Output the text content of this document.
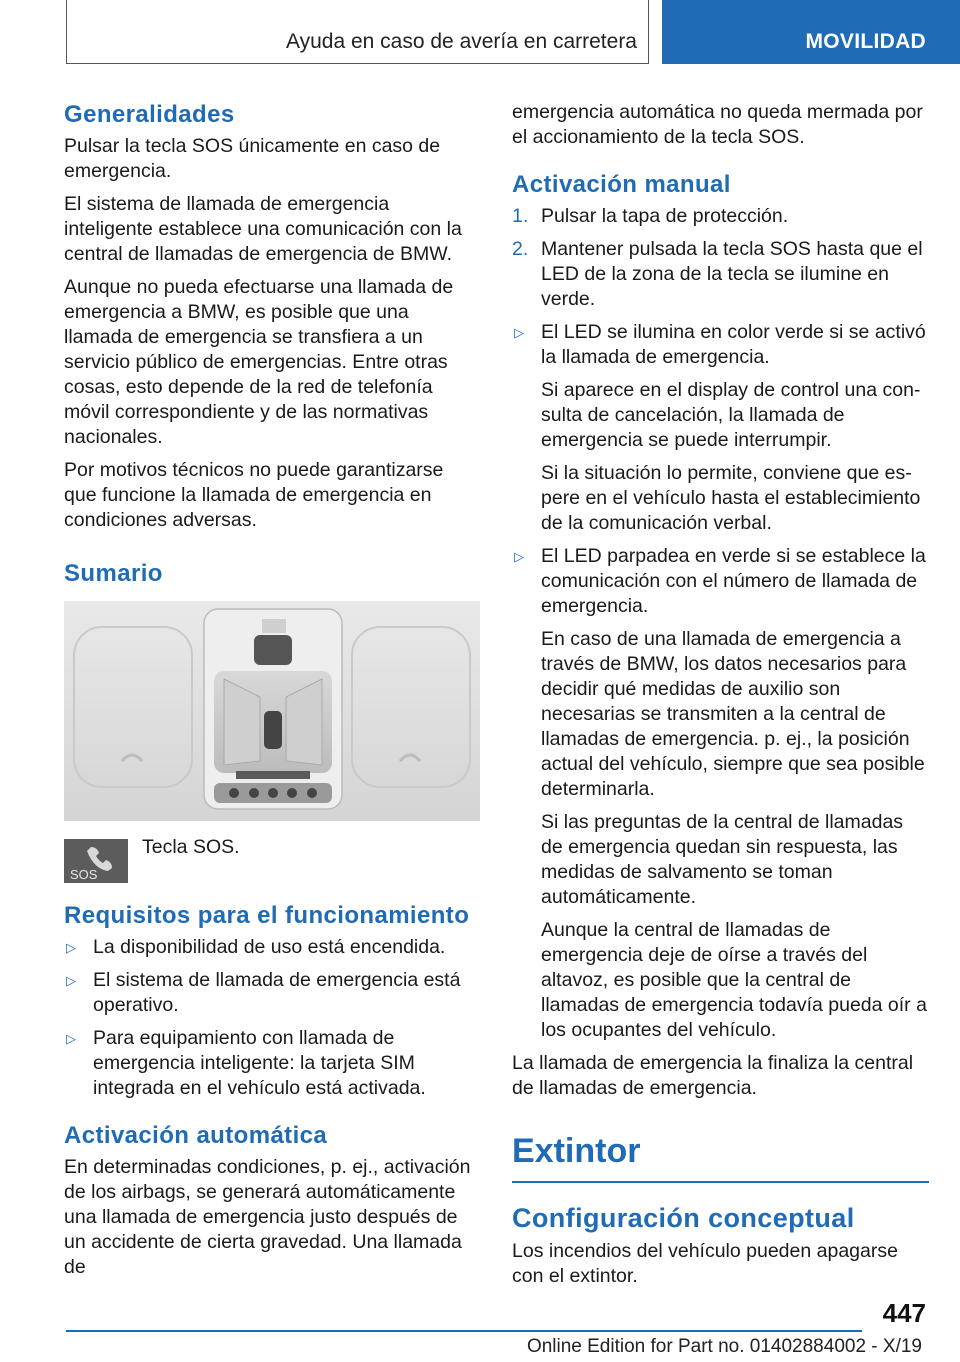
Ayuda en caso de avería en carretera	MOVILIDAD
Generalidades

Pulsar la tecla SOS únicamente en caso de emergencia.

El sistema de llamada de emergencia inteligente establece una comunicación con la central de llamadas de emergencia de BMW.

Aunque no pueda efectuarse una llamada de emergencia a BMW, es posible que una llamada de emergencia se transfiera a un servicio público de emergencias. Entre otras cosas, esto depende de la red de telefonía móvil correspondiente y de las normativas nacionales.

Por motivos técnicos no puede garantizarse que funcione la llamada de emergencia en condiciones adversas.

Sumario
SOS
Tecla SOS.
Requisitos para el funcionamiento
▷ La disponibilidad de uso está encendida.
▷ El sistema de llamada de emergencia está operativo.
▷ Para equipamiento con llamada de emergencia inteligente: la tarjeta SIM integrada en el vehículo está activada.
Activación automática

En determinadas condiciones, p. ej., activación de los airbags, se generará automáticamente una llamada de emergencia justo después de un accidente de cierta gravedad. Una llamada de

emergencia automática no queda mermada por el accionamiento de la tecla SOS.

Activación manual
1. Pulsar la tapa de protección.
2. Mantener pulsada la tecla SOS hasta que el LED de la zona de la tecla se ilumine en verde.
▷ El LED se ilumina en color verde si se activó la llamada de emergencia.
Si aparece en el display de control una consulta de cancelación, la llamada de emergencia se puede interrumpir.
Si la situación lo permite, conviene que espere en el vehículo hasta el establecimiento de la comunicación verbal.
▷ El LED parpadea en verde si se establece la comunicación con el número de llamada de emergencia.
En caso de una llamada de emergencia a través de BMW, los datos necesarios para decidir qué medidas de auxilio son necesarias se transmiten a la central de llamadas de emergencia. p. ej., la posición actual del vehículo, siempre que sea posible determinarla.
Si las preguntas de la central de llamadas de emergencia quedan sin respuesta, las medidas de salvamento se toman automáticamente.
Aunque la central de llamadas de emergencia deje de oírse a través del altavoz, es posible que la central de llamadas de emergencia todavía pueda oír a los ocupantes del vehículo.

La llamada de emergencia la finaliza la central de llamadas de emergencia.

Extintor
Configuración conceptual

Los incendios del vehículo pueden apagarse con el extintor.

447
Online Edition for Part no. 01402884002 - X/19
